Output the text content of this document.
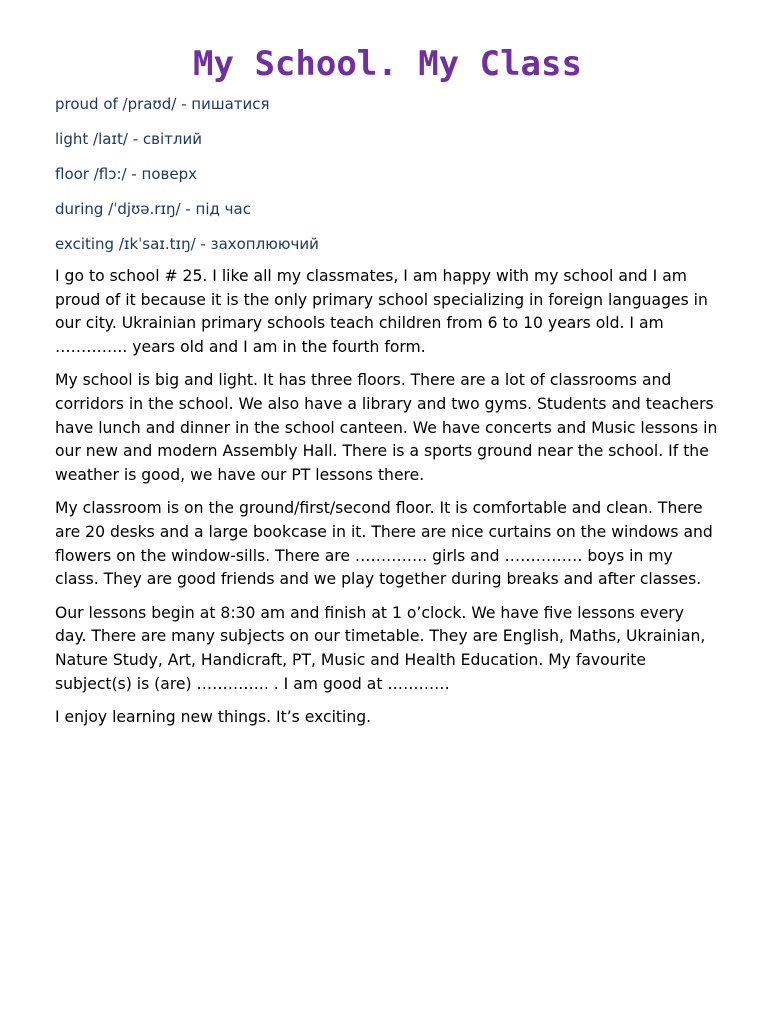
My School. My Class
proud of /praʊd/ - пишатися
light /laɪt/ - світлий
floor /flɔ:/ - поверх
during /ˈdjʊə.rɪŋ/ - під час
exciting /ɪkˈsaɪ.tɪŋ/ - захоплюючий

I go to school # 25. I like all my classmates, I am happy with my school and I am proud of it because it is the only primary school specializing in foreign languages in our city. Ukrainian primary schools teach children from 6 to 10 years old. I am ………….. years old and I am in the fourth form.

My school is big and light. It has three floors. There are a lot of classrooms and corridors in the school. We also have a library and two gyms. Students and teachers have lunch and dinner in the school canteen. We have concerts and Music lessons in our new and modern Assembly Hall. There is a sports ground near the school. If the weather is good, we have our PT lessons there.

My classroom is on the ground/first/second floor. It is comfortable and clean. There are 20 desks and a large bookcase in it. There are nice curtains on the windows and flowers on the window-sills. There are ………….. girls and …………… boys in my class. They are good friends and we play together during breaks and after classes.

Our lessons begin at 8:30 am and finish at 1 o’clock. We have five lessons every day. There are many subjects on our timetable. They are English, Maths, Ukrainian, Nature Study, Art, Handicraft, PT, Music and Health Education. My favourite subject(s) is (are) ………….. . I am good at …………

I enjoy learning new things. It’s exciting.
